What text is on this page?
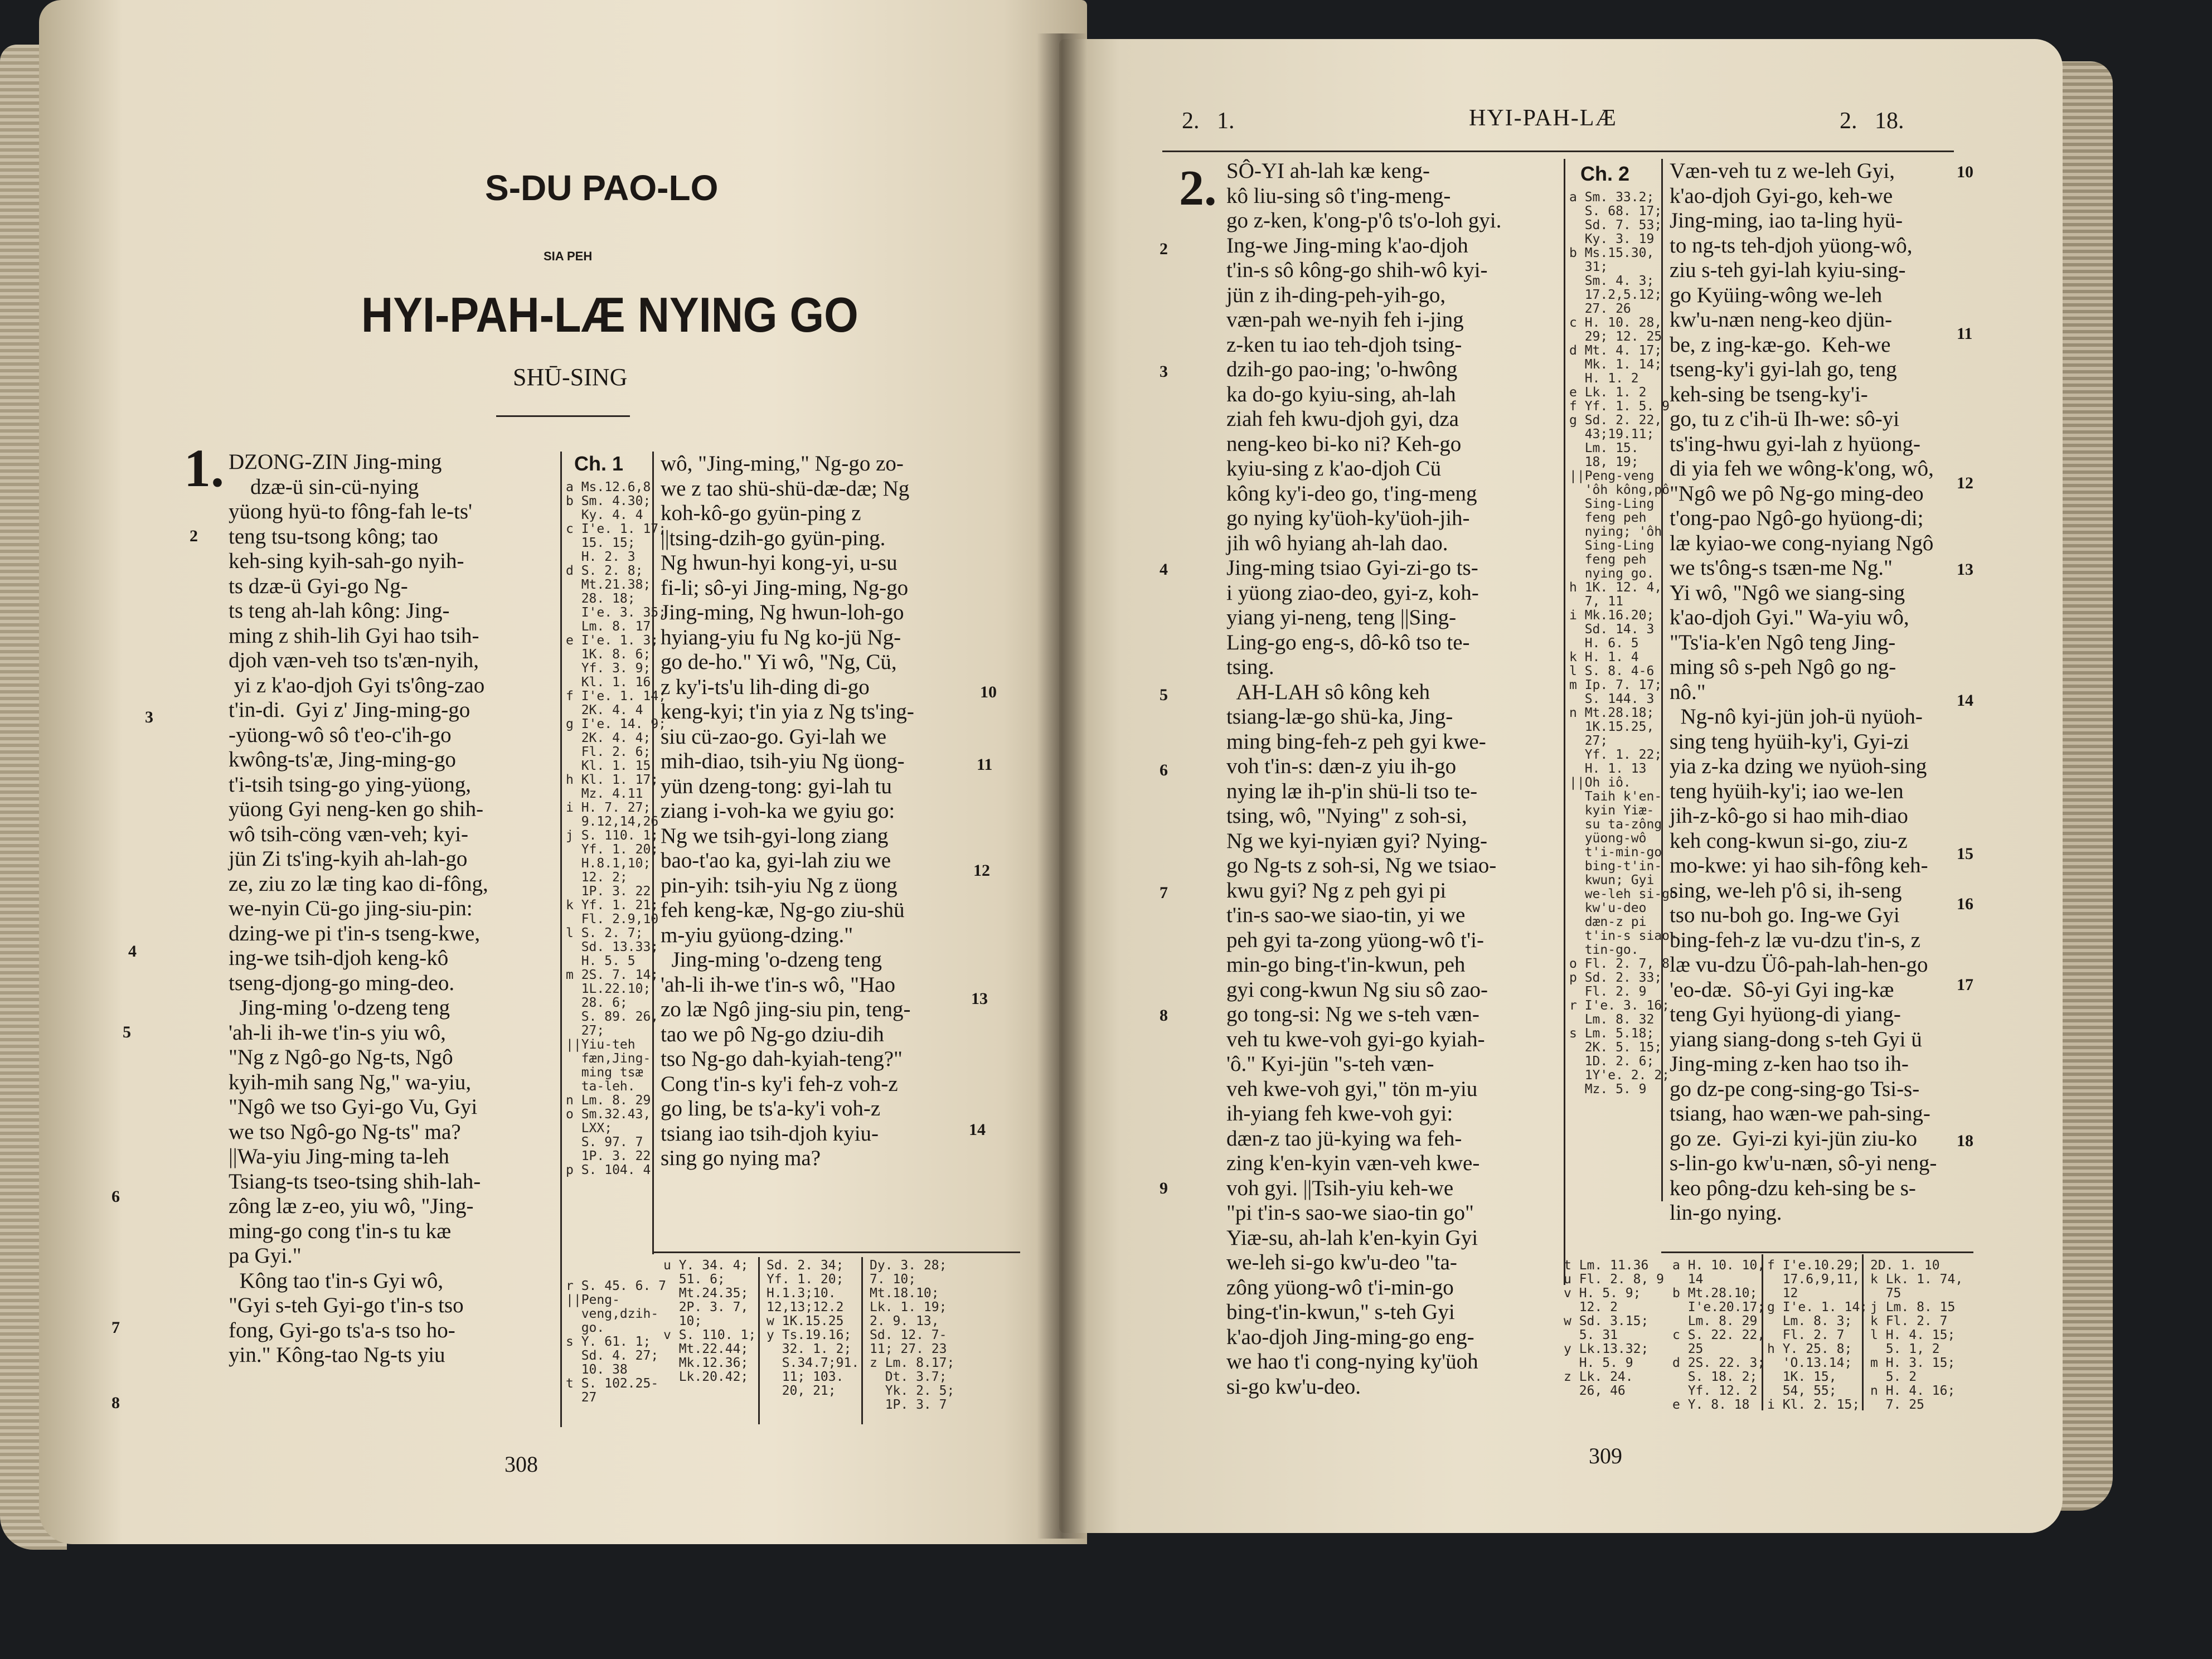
S-DU PAO-LO
SIA PEH
HYI-PAH-LÆ NYING GO
SHŪ-SING
1. DZONG-ZIN Jing-ming
dzæ-ü sin-cü-nying
yüong hyü-to fông-fah le-ts'
teng tsu-tsong kông; tao
keh-sing kyih-sah-go nyih-
ts dzæ-ü Gyi-go Ng-
ts teng ah-lah kông: Jing-
ming z shih-lih Gyi hao tsih-
djoh væn-veh tso ts'æn-nyih,
yi z k'ao-djoh Gyi ts'ông-zao
t'in-di.  Gyi z' Jing-ming-go
-yüong-wô sô t'eo-c'ih-go
kwông-ts'æ, Jing-ming-go
t'i-tsih tsing-go ying-yüong,
yüong Gyi neng-ken go shih-
wô tsih-cöng væn-veh; kyi-
jün Zi ts'ing-kyih ah-lah-go
ze, ziu zo læ ting kao di-fông,
we-nyin Cü-go jing-siu-pin:
dzing-we pi t'in-s tseng-kwe,
ing-we tsih-djoh keng-kô
tseng-djong-go ming-deo.
Jing-ming 'o-dzeng teng
'ah-li ih-we t'in-s yiu wô,
"Ng z Ngô-go Ng-ts, Ngô
kyih-mih sang Ng," wa-yiu,
"Ngô we tso Gyi-go Vu, Gyi
we tso Ngô-go Ng-ts" ma?
||Wa-yiu Jing-ming ta-leh
Tsiang-ts tseo-tsing shih-lah-
zông læ z-eo, yiu wô, "Jing-
ming-go cong t'in-s tu kæ
pa Gyi."
Kông tao t'in-s Gyi wô,
"Gyi s-teh Gyi-go t'in-s tso
fong, Gyi-go ts'a-s tso ho-
yin." Kông-tao Ng-ts yiu
2
3
4
5
6
7
8
Ch. 1
a Ms.12.6,8
b Sm. 4.30;
Ky. 4. 4
c I'e. 1. 17;
15. 15;
H. 2. 3
d S. 2. 8;
Mt.21.38;
28. 18;
I'e. 3. 35;
Lm. 8. 17
e I'e. 1. 3;
1K. 8. 6;
Yf. 3. 9;
Kl. 1. 16
f I'e. 1. 14;
2K. 4. 4
g I'e. 14. 9;
2K. 4. 4;
Fl. 2. 6;
Kl. 1. 15
h Kl. 1. 17;
Mz. 4.11
i H. 7. 27;
9.12,14,26
j S. 110. 1;
Yf. 1. 20;
H.8.1,10;
12. 2;
1P. 3. 22
k Yf. 1. 21;
Fl. 2.9,10
l S. 2. 7;
Sd. 13.33;
H. 5. 5
m 2S. 7. 14;
1L.22.10;
28. 6;
S. 89. 26,
27;
||Yiu-teh
fæn,Jing-
ming tsæ
ta-leh.
n Lm. 8. 29
o Sm.32.43,
LXX;
S. 97. 7
1P. 3. 22
p S. 104. 4
wô, "Jing-ming," Ng-go zo-
we z tao shü-shü-dæ-dæ; Ng
koh-kô-go gyün-ping z
||tsing-dzih-go gyün-ping.
Ng hwun-hyi kong-yi, u-su
fi-li; sô-yi Jing-ming, Ng-go
Jing-ming, Ng hwun-loh-go
hyiang-yiu fu Ng ko-jü Ng-
go de-ho." Yi wô, "Ng, Cü,
z ky'i-ts'u lih-ding di-go
keng-kyi; t'in yia z Ng ts'ing-
siu cü-zao-go. Gyi-lah we
mih-diao, tsih-yiu Ng üong-
yün dzeng-tong: gyi-lah tu
ziang i-voh-ka we gyiu go:
Ng we tsih-gyi-long ziang
bao-t'ao ka, gyi-lah ziu we
pin-yih: tsih-yiu Ng z üong
feh keng-kæ, Ng-go ziu-shü
m-yiu gyüong-dzing."
Jing-ming 'o-dzeng teng
'ah-li ih-we t'in-s wô, "Hao
zo læ Ngô jing-siu pin, teng-
tao we pô Ng-go dziu-dih
tso Ng-go dah-kyiah-teng?"
Cong t'in-s ky'i feh-z voh-z
go ling, be ts'a-ky'i voh-z
tsiang iao tsih-djoh kyiu-
sing go nying ma?
10
11
12
13
14
r S. 45. 6. 7
||Peng-
veng,dzih-
go.
s Y. 61. 1;
Sd. 4. 27;
10. 38
t S. 102.25-
27
u Y. 34. 4;
51. 6;
Mt.24.35;
2P. 3. 7,
10;
v S. 110. 1;
Mt.22.44;
Mk.12.36;
Lk.20.42;
Sd. 2. 34;
Yf. 1. 20;
H.1.3;10.
12,13;12.2
w 1K.15.25
y Ts.19.16;
32. 1. 2;
S.34.7;91.
11; 103.
20, 21;
Dy. 3. 28;
7. 10;
Mt.18.10;
Lk. 1. 19;
2. 9. 13,
Sd. 12. 7-
11; 27. 23
z Lm. 8.17;
Dt. 3.7;
Yk. 2. 5;
1P. 3. 7
308
2.   1.	HYI-PAH-LÆ	2.   18.
2. SÔ-YI ah-lah kæ keng-
kô liu-sing sô t'ing-meng-
go z-ken, k'ong-p'ô ts'o-loh gyi.
Ing-we Jing-ming k'ao-djoh
t'in-s sô kông-go shih-wô kyi-
jün z ih-ding-peh-yih-go,
væn-pah we-nyih feh i-jing
z-ken tu iao teh-djoh tsing-
dzih-go pao-ing; 'o-hwông
ka do-go kyiu-sing, ah-lah
ziah feh kwu-djoh gyi, dza
neng-keo bi-ko ni? Keh-go
kyiu-sing z k'ao-djoh Cü
kông ky'i-deo go, t'ing-meng
go nying ky'üoh-ky'üoh-jih-
jih wô hyiang ah-lah dao.
Jing-ming tsiao Gyi-zi-go ts-
i yüong ziao-deo, gyi-z, koh-
yiang yi-neng, teng ||Sing-
Ling-go eng-s, dô-kô tso te-
tsing.
AH-LAH sô kông keh
tsiang-læ-go shü-ka, Jing-
ming bing-feh-z peh gyi kwe-
voh t'in-s: dæn-z yiu ih-go
nying læ ih-p'in shü-li tso te-
tsing, wô, "Nying" z soh-si,
Ng we kyi-nyiæn gyi? Nying-
go Ng-ts z soh-si, Ng we tsiao-
kwu gyi? Ng z peh gyi pi
t'in-s sao-we siao-tin, yi we
peh gyi ta-zong yüong-wô t'i-
min-go bing-t'in-kwun, peh
gyi cong-kwun Ng siu sô zao-
go tong-si: Ng we s-teh væn-
veh tu kwe-voh gyi-go kyiah-
'ô." Kyi-jün "s-teh væn-
veh kwe-voh gyi," tön m-yiu
ih-yiang feh kwe-voh gyi:
dæn-z tao jü-kying wa feh-
zing k'en-kyin væn-veh kwe-
voh gyi. ||Tsih-yiu keh-we
"pi t'in-s sao-we siao-tin go"
Yiæ-su, ah-lah k'en-kyin Gyi
we-leh si-go kw'u-deo "ta-
zông yüong-wô t'i-min-go
bing-t'in-kwun," s-teh Gyi
k'ao-djoh Jing-ming-go eng-
we hao t'i cong-nying ky'üoh
si-go kw'u-deo.
2
3
4
5
6
7
8
9
Ch. 2
a Sm. 33.2;
S. 68. 17;
Sd. 7. 53;
Ky. 3. 19
b Ms.15.30,
31;
Sm. 4. 3;
17.2,5.12;
27. 26
c H. 10. 28,
29; 12. 25
d Mt. 4. 17;
Mk. 1. 14;
H. 1. 2
e Lk. 1. 2
f Yf. 1. 5. 9
g Sd. 2. 22,
43;19.11;
Lm. 15.
18, 19;
||Peng-veng
'ôh kông,pô
Sing-Ling
feng peh
nying; 'ôh
Sing-Ling
feng peh
nying go.
h 1K. 12. 4,
7, 11
i Mk.16.20;
Sd. 14. 3
H. 6. 5
k H. 1. 4
l S. 8. 4-6
m Ip. 7. 17;
S. 144. 3
n Mt.28.18;
1K.15.25,
27;
Yf. 1. 22;
H. 1. 13
||Oh iô.
Taih k'en-
kyin Yiæ-
su ta-zông
yüong-wô
t'i-min-go
bing-t'in-
kwun; Gyi
we-leh si-go
kw'u-deo
dæn-z pi
t'in-s siao-
tin-go.
o Fl. 2. 7, 8
p Sd. 2. 33;
Fl. 2. 9
r I'e. 3. 16;
Lm. 8. 32
s Lm. 5.18;
2K. 5. 15;
1D. 2. 6;
1Y'e. 2. 2;
Mz. 5. 9
Væn-veh tu z we-leh Gyi,
k'ao-djoh Gyi-go, keh-we
Jing-ming, iao ta-ling hyü-
to ng-ts teh-djoh yüong-wô,
ziu s-teh gyi-lah kyiu-sing-
go Kyüing-wông we-leh
kw'u-næn neng-keo djün-
be, z ing-kæ-go.  Keh-we
tseng-ky'i gyi-lah go, teng
keh-sing be tseng-ky'i-
go, tu z c'ih-ü Ih-we: sô-yi
ts'ing-hwu gyi-lah z hyüong-
di yia feh we wông-k'ong, wô,
"Ngô we pô Ng-go ming-deo
t'ong-pao Ngô-go hyüong-di;
læ kyiao-we cong-nyiang Ngô
we ts'ông-s tsæn-me Ng."
Yi wô, "Ngô we siang-sing
k'ao-djoh Gyi." Wa-yiu wô,
"Ts'ia-k'en Ngô teng Jing-
ming sô s-peh Ngô go ng-
nô."
Ng-nô kyi-jün joh-ü nyüoh-
sing teng hyüih-ky'i, Gyi-zi
yia z-ka dzing we nyüoh-sing
teng hyüih-ky'i; iao we-len
jih-z-kô-go si hao mih-diao
keh cong-kwun si-go, ziu-z
mo-kwe: yi hao sih-fông keh-
sing, we-leh p'ô si, ih-seng
tso nu-boh go. Ing-we Gyi
bing-feh-z læ vu-dzu t'in-s, z
læ vu-dzu Üô-pah-lah-hen-go
'eo-dæ.  Sô-yi Gyi ing-kæ
teng Gyi hyüong-di yiang-
yiang siang-dong s-teh Gyi ü
Jing-ming z-ken hao tso ih-
go dz-pe cong-sing-go Tsi-s-
tsiang, hao wæn-we pah-sing-
go ze.  Gyi-zi kyi-jün ziu-ko
s-lin-go kw'u-næn, sô-yi neng-
keo pông-dzu keh-sing be s-
lin-go nying.
10
11
12
13
14
15
16
17
18
t Lm. 11.36
u Fl. 2. 8, 9
v H. 5. 9;
12. 2
w Sd. 3.15;
5. 31
y Lk.13.32;
H. 5. 9
z Lk. 24.
26, 46
a H. 10. 10,
14
b Mt.28.10;
I'e.20.17;
Lm. 8. 29
c S. 22. 22,
25
d 2S. 22. 3;
S. 18. 2;
Yf. 12. 2
e Y. 8. 18
f I'e.10.29;
17.6,9,11,
12
g I'e. 1. 14;
Lm. 8. 3;
Fl. 2. 7
h Y. 25. 8;
'O.13.14;
1K. 15,
54, 55;
i Kl. 2. 15;
2D. 1. 10
k Lk. 1. 74,
75
j Lm. 8. 15
k Fl. 2. 7
l H. 4. 15;
5. 1, 2
m H. 3. 15;
5. 2
n H. 4. 16;
7. 25
309
